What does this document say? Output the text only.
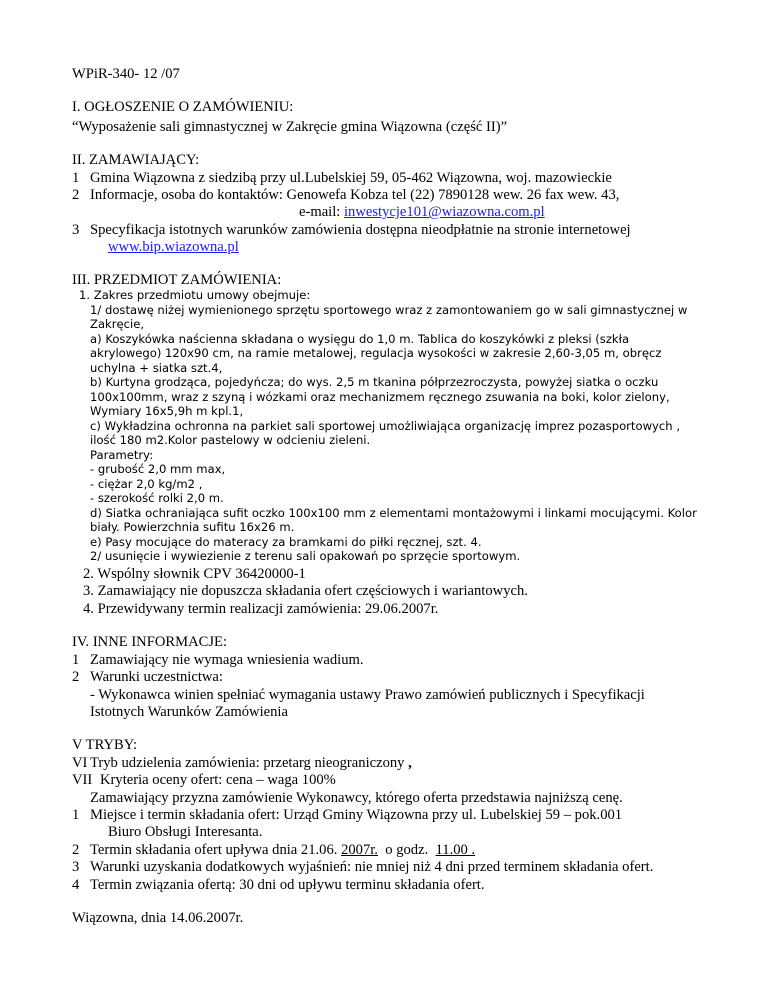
WPiR-340- 12 /07
I. OGŁOSZENIE O ZAMÓWIENIU:
“Wyposażenie sali gimnastycznej w Zakręcie gmina Wiązowna (część II)”
II. ZAMAWIAJĄCY:
1 Gmina Wiązowna z siedzibą przy ul.Lubelskiej 59, 05-462 Wiązowna, woj. mazowieckie
2 Informacje, osoba do kontaktów: Genowefa Kobza tel (22) 7890128 wew. 26 fax wew. 43,
e-mail: inwestycje101@wiazowna.com.pl
3 Specyfikacja istotnych warunków zamówienia dostępna nieodpłatnie na stronie internetowej
www.bip.wiazowna.pl
III. PRZEDMIOT ZAMÓWIENIA:
1. Zakres przedmiotu umowy obejmuje:
1/ dostawę niżej wymienionego sprzętu sportowego wraz z zamontowaniem go w sali gimnastycznej w
Zakręcie,
a) Koszykówka naścienna składana o wysięgu do 1,0 m. Tablica do koszykówki z pleksi (szkła
akrylowego) 120x90 cm, na ramie metalowej, regulacja wysokości w zakresie 2,60-3,05 m, obręcz
uchylna + siatka szt.4,
b) Kurtyna grodząca, pojedyńcza; do wys. 2,5 m tkanina półprzezroczysta, powyżej siatka o oczku
100x100mm, wraz z szyną i wózkami oraz mechanizmem ręcznego zsuwania na boki, kolor zielony,
Wymiary 16x5,9h m kpl.1,
c) Wykładzina ochronna na parkiet sali sportowej umożliwiająca organizację imprez pozasportowych ,
ilość 180 m2.Kolor pastelowy w odcieniu zieleni.
Parametry:
- grubość 2,0 mm max,
- ciężar 2,0 kg/m2 ,
- szerokość rolki 2,0 m.
d) Siatka ochraniająca sufit oczko 100x100 mm z elementami montażowymi i linkami mocującymi. Kolor
biały. Powierzchnia sufitu 16x26 m.
e) Pasy mocujące do materacy za bramkami do piłki ręcznej, szt. 4.
2/ usunięcie i wywiezienie z terenu sali opakowań po sprzęcie sportowym.
2. Wspólny słownik CPV 36420000-1
3. Zamawiający nie dopuszcza składania ofert częściowych i wariantowych.
4. Przewidywany termin realizacji zamówienia: 29.06.2007r.
IV. INNE INFORMACJE:
1 Zamawiający nie wymaga wniesienia wadium.
2 Warunki uczestnictwa:
- Wykonawca winien spełniać wymagania ustawy Prawo zamówień publicznych i Specyfikacji
Istotnych Warunków Zamówienia
V TRYBY:
VI Tryb udzielenia zamówienia: przetarg nieograniczony ,
VII Kryteria oceny ofert: cena – waga 100%
Zamawiający przyzna zamówienie Wykonawcy, którego oferta przedstawia najniższą cenę.
1 Miejsce i termin składania ofert: Urząd Gminy Wiązowna przy ul. Lubelskiej 59 – pok.001
Biuro Obsługi Interesanta.
2 Termin składania ofert upływa dnia 21.06. 2007r.  o godz.  11.00 .
3 Warunki uzyskania dodatkowych wyjaśnień: nie mniej niż 4 dni przed terminem składania ofert.
4 Termin związania ofertą: 30 dni od upływu terminu składania ofert.
Wiązowna, dnia 14.06.2007r.
